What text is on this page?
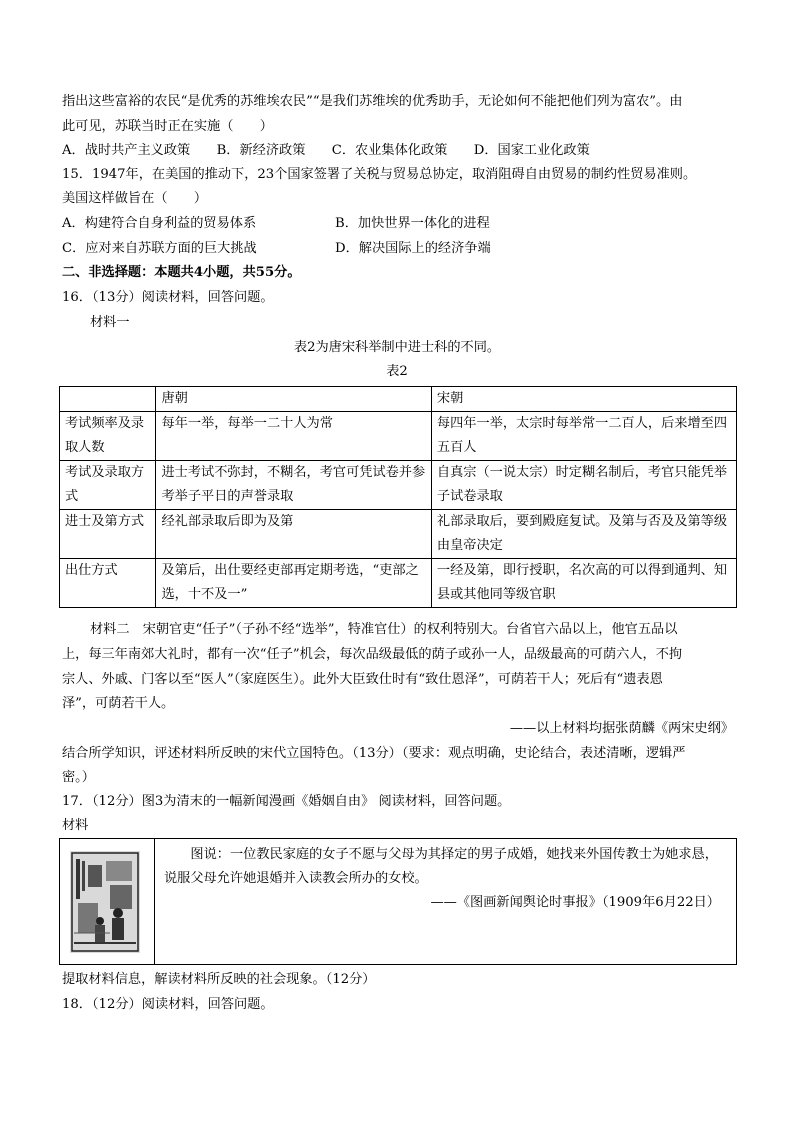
指出这些富裕的农民“是优秀的苏维埃农民”“是我们苏维埃的优秀助手，无论如何不能把他们列为富农”。由
此可见，苏联当时正在实施（　　）
A．战时共产主义政策　　B．新经济政策　　C．农业集体化政策　　D．国家工业化政策
15．1947年，在美国的推动下，23个国家签署了关税与贸易总协定，取消阻碍自由贸易的制约性贸易准则。
美国这样做旨在（　　）
A．构建符合自身利益的贸易体系	B．加快世界一体化的进程
C．应对来自苏联方面的巨大挑战	D．解决国际上的经济争端
二、非选择题：本题共4小题，共55分。
16．（13分）阅读材料，回答问题。
材料一
表2为唐宋科举制中进士科的不同。
表2
	唐朝	宋朝
考试频率及录取人数	每年一举，每举一二十人为常	每四年一举，太宗时每举常一二百人，后来增至四五百人
考试及录取方式	进士考试不弥封，不糊名，考官可凭试卷并参考举子平日的声誉录取	自真宗（一说太宗）时定糊名制后，考官只能凭举子试卷录取
进士及第方式	经礼部录取后即为及第	礼部录取后，要到殿庭复试。及第与否及及第等级由皇帝决定
出仕方式	及第后，出仕要经吏部再定期考选，“吏部之选，十不及一”	一经及第，即行授职，名次高的可以得到通判、知县或其他同等级官职
材料二　宋朝官吏“任子”（子孙不经“选举”，特准官仕）的权利特别大。台省官六品以上，他官五品以
上，每三年南郊大礼时，都有一次“任子”机会，每次品级最低的荫子或孙一人，品级最高的可荫六人，不拘
宗人、外戚、门客以至“医人”（家庭医生）。此外大臣致仕时有“致仕恩泽”，可荫若干人；死后有“遗表恩
泽”，可荫若干人。
——以上材料均据张荫麟《两宋史纲》
结合所学知识，评述材料所反映的宋代立国特色。（13分）（要求：观点明确，史论结合，表述清晰，逻辑严
密。）
17．（12分）图3为清末的一幅新闻漫画《婚姻自由》 阅读材料，回答问题。
材料
图说：一位教民家庭的女子不愿与父母为其择定的男子成婚，她找来外国传教士为她求恳，说服父母允许她退婚并入读教会所办的女校。
——《图画新闻舆论时事报》（1909年6月22日）
提取材料信息，解读材料所反映的社会现象。（12分）
18．（12分）阅读材料，回答问题。
